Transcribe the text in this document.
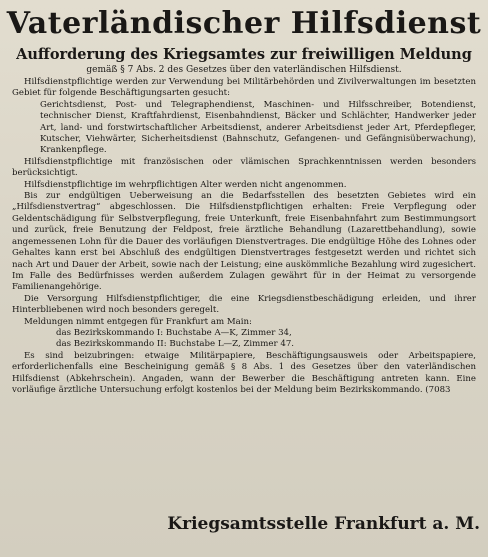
Vaterländischer Hilfsdienst
Aufforderung des Kriegsamtes zur freiwilligen Meldung
gemäß § 7 Abs. 2 des Gesetzes über den vaterländischen Hilfsdienst.

Hilfsdienstpflichtige werden zur Verwendung bei Militärbehörden und Zivilverwaltungen im besetzten Gebiet für folgende Beschäftigungsarten gesucht:

Gerichtsdienst, Post- und Telegraphendienst, Maschinen- und Hilfsschreiber, Botendienst, technischer Dienst, Kraftfahrdienst, Eisenbahndienst, Bäcker und Schlächter, Handwerker jeder Art, land- und forstwirtschaftlicher Arbeitsdienst, anderer Arbeitsdienst jeder Art, Pferdepfleger, Kutscher, Viehwärter, Sicherheitsdienst (Bahnschutz, Gefangenen- und Gefängnisüberwachung), Krankenpflege.

Hilfsdienstpflichtige mit französischen oder vlämischen Sprachkenntnissen werden besonders berücksichtigt.

Hilfsdienstpflichtige im wehrpflichtigen Alter werden nicht angenommen.

Bis zur endgültigen Ueberweisung an die Bedarfsstellen des besetzten Gebietes wird ein „Hilfsdienstvertrag“ abgeschlossen. Die Hilfsdienstpflichtigen erhalten: Freie Verpflegung oder Geldentschädigung für Selbstverpflegung, freie Unterkunft, freie Eisenbahnfahrt zum Bestimmungsort und zurück, freie Benutzung der Feldpost, freie ärztliche Behandlung (Lazarettbehandlung), sowie angemessenen Lohn für die Dauer des vorläufigen Dienstvertrages. Die endgültige Höhe des Lohnes oder Gehaltes kann erst bei Abschluß des endgültigen Dienstvertrages festgesetzt werden und richtet sich nach Art und Dauer der Arbeit, sowie nach der Leistung; eine auskömmliche Bezahlung wird zugesichert. Im Falle des Bedürfnisses werden außerdem Zulagen gewährt für in der Heimat zu versorgende Familienangehörige.

Die Versorgung Hilfsdienstpflichtiger, die eine Kriegsdienstbeschädigung erleiden, und ihrer Hinterbliebenen wird noch besonders geregelt.

Meldungen nimmt entgegen für Frankfurt am Main:

das Bezirkskommando I: Buchstabe A—K, Zimmer 34,

das Bezirkskommando II: Buchstabe L—Z, Zimmer 47.

Es sind beizubringen: etwaige Militärpapiere, Beschäftigungsausweis oder Arbeitspapiere, erforderlichenfalls eine Bescheinigung gemäß § 8 Abs. 1 des Gesetzes über den vaterländischen Hilfsdienst (Abkehrschein). Angaden, wann der Bewerber die Beschäftigung antreten kann. Eine vorläufige ärztliche Untersuchung erfolgt kostenlos bei der Meldung beim Bezirkskommando. (7083

Kriegsamtsstelle Frankfurt a. M.
